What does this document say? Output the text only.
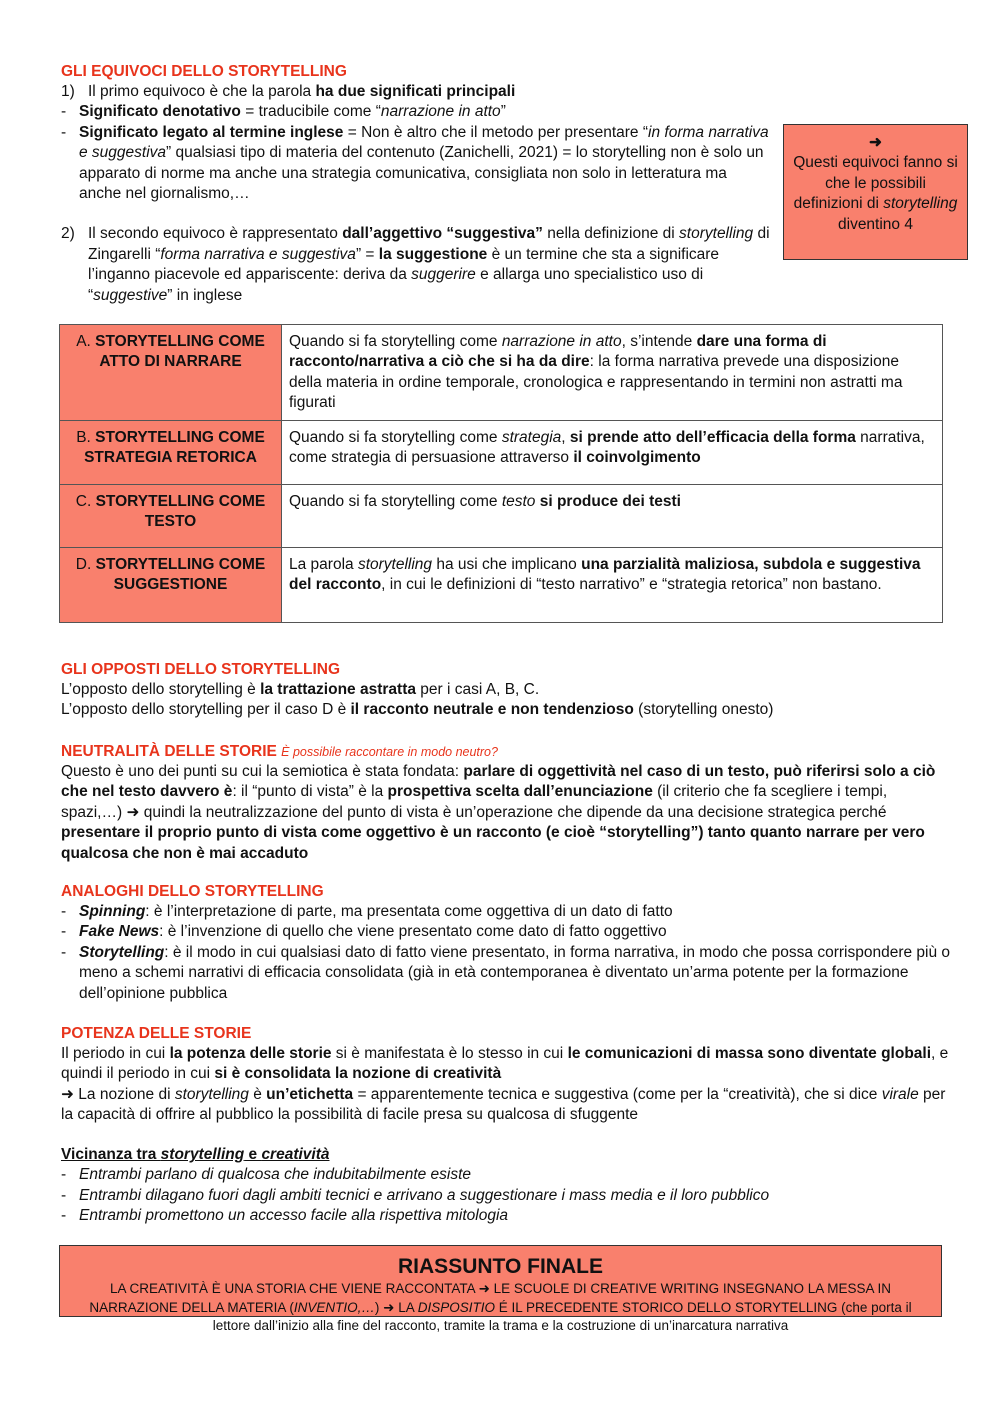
GLI EQUIVOCI DELLO STORYTELLING
1) Il primo equivoco è che la parola ha due significati principali
- Significato denotativo = traducibile come “narrazione in atto”
- Significato legato al termine inglese = Non è altro che il metodo per presentare “in forma narrativa e suggestiva” qualsiasi tipo di materia del contenuto (Zanichelli, 2021) = lo storytelling non è solo un apparato di norme ma anche una strategia comunicativa, consigliata non solo in letteratura ma anche nel giornalismo,…
2) Il secondo equivoco è rappresentato dall’aggettivo “suggestiva” nella definizione di storytelling di Zingarelli “forma narrativa e suggestiva” = la suggestione è un termine che sta a significare l’inganno piacevole ed appariscente: deriva da suggerire e allarga uno specialistico uso di “suggestive” in inglese
➜
Questi equivoci fanno si che le possibili definizioni di storytelling diventino 4
A. STORYTELLING COME ATTO DI NARRARE	Quando si fa storytelling come narrazione in atto, s’intende dare una forma di racconto/narrativa a ciò che si ha da dire: la forma narrativa prevede una disposizione della materia in ordine temporale, cronologica e rappresentando in termini non astratti ma figurati
B. STORYTELLING COME STRATEGIA RETORICA	Quando si fa storytelling come strategia, si prende atto dell’efficacia della forma narrativa, come strategia di persuasione attraverso il coinvolgimento
C. STORYTELLING COME TESTO	Quando si fa storytelling come testo si produce dei testi
D. STORYTELLING COME SUGGESTIONE	La parola storytelling ha usi che implicano una parzialità maliziosa, subdola e suggestiva del racconto, in cui le definizioni di “testo narrativo” e “strategia retorica” non bastano.
GLI OPPOSTI DELLO STORYTELLING

L’opposto dello storytelling è la trattazione astratta per i casi A, B, C.

L’opposto dello storytelling per il caso D è il racconto neutrale e non tendenzioso (storytelling onesto)

NEUTRALITÀ DELLE STORIE È possibile raccontare in modo neutro?

Questo è uno dei punti su cui la semiotica è stata fondata: parlare di oggettività nel caso di un testo, può riferirsi solo a ciò che nel testo davvero è: il “punto di vista” è la prospettiva scelta dall’enunciazione (il criterio che fa scegliere i tempi, spazi,…) ➜ quindi la neutralizzazione del punto di vista è un’operazione che dipende da una decisione strategica perché presentare il proprio punto di vista come oggettivo è un racconto (e cioè “storytelling”) tanto quanto narrare per vero qualcosa che non è mai accaduto

ANALOGHI DELLO STORYTELLING
- Spinning: è l’interpretazione di parte, ma presentata come oggettiva di un dato di fatto
- Fake News: è l’invenzione di quello che viene presentato come dato di fatto oggettivo
- Storytelling: è il modo in cui qualsiasi dato di fatto viene presentato, in forma narrativa, in modo che possa corrispondere più o meno a schemi narrativi di efficacia consolidata (già in età contemporanea è diventato un’arma potente per la formazione dell’opinione pubblica
POTENZA DELLE STORIE

Il periodo in cui la potenza delle storie si è manifestata è lo stesso in cui le comunicazioni di massa sono diventate globali, e quindi il periodo in cui si è consolidata la nozione di creatività

➜ La nozione di storytelling è un’etichetta = apparentemente tecnica e suggestiva (come per la “creatività), che si dice virale per la capacità di offrire al pubblico la possibilità di facile presa su qualcosa di sfuggente

Vicinanza tra storytelling e creatività

- Entrambi parlano di qualcosa che indubitabilmente esiste
- Entrambi dilagano fuori dagli ambiti tecnici e arrivano a suggestionare i mass media e il loro pubblico
- Entrambi promettono un accesso facile alla rispettiva mitologia
RIASSUNTO FINALE
LA CREATIVITÀ È UNA STORIA CHE VIENE RACCONTATA ➜ LE SCUOLE DI CREATIVE WRITING INSEGNANO LA MESSA IN NARRAZIONE DELLA MATERIA (INVENTIO,…) ➜ LA DISPOSITIO É IL PRECEDENTE STORICO DELLO STORYTELLING (che porta il lettore dall’inizio alla fine del racconto, tramite la trama e la costruzione di un’inarcatura narrativa
